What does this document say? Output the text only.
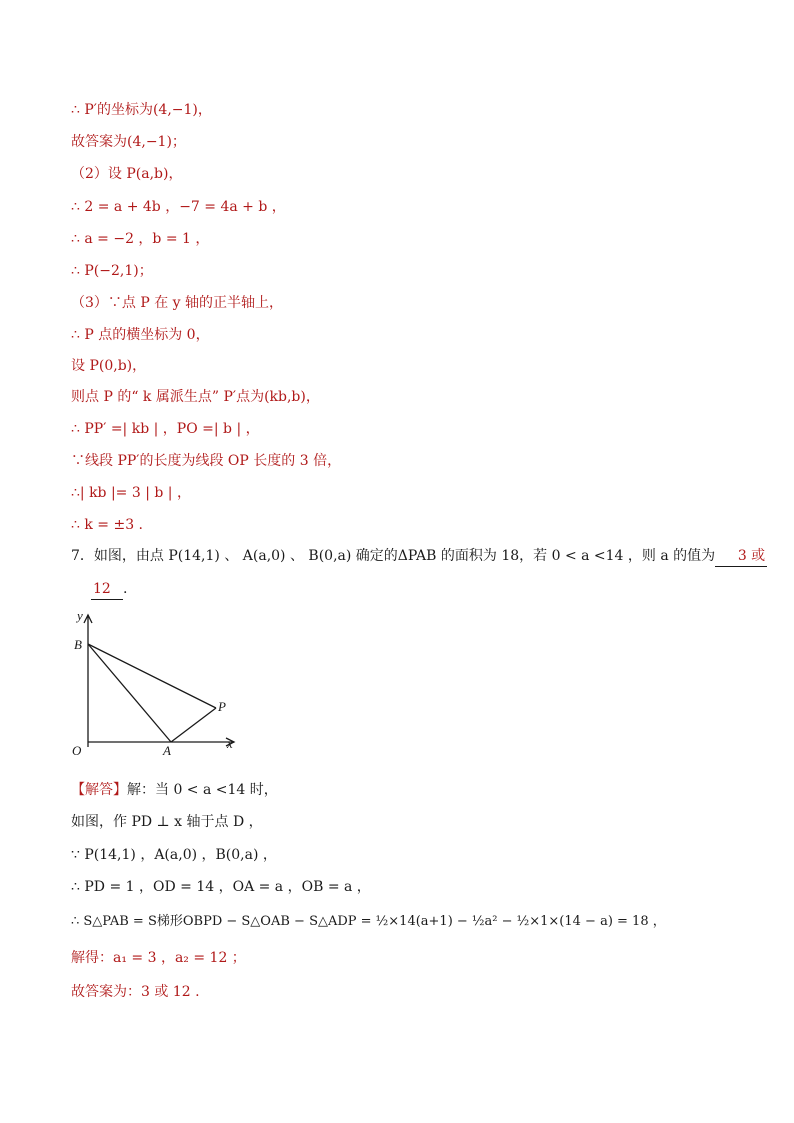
∴ P′的坐标为(4,−1)，
故答案为(4,−1)；
（2）设 P(a,b)，
∴ 2 = a + 4b ，−7 = 4a + b ，
∴ a = −2 ，b = 1 ，
∴ P(−2,1)；
（3）∵点 P 在 y 轴的正半轴上，
∴ P 点的横坐标为 0，
设 P(0,b)，
则点 P 的“ k 属派生点” P′点为(kb,b)，
∴ PP′ =| kb | ，PO =| b | ，
∵线段 PP′的长度为线段 OP 长度的 3 倍，
∴| kb |= 3 | b | ，
∴ k = ±3 .
7．如图，由点 P(14,1) 、 A(a,0) 、 B(0,a) 确定的ΔPAB 的面积为 18，若 0 < a <14 ，则 a 的值为 3 或
12 .
y
B
P
O	A	x
【解答】解：当 0 < a <14 时，
如图，作 PD ⊥ x 轴于点 D ，
∵ P(14,1) ，A(a,0) ，B(0,a) ，
∴ PD = 1 ，OD = 14 ，OA = a ，OB = a ，
∴ S△PAB = S梯形OBPD − S△OAB − S△ADP = ½×14(a+1) − ½a² − ½×1×(14 − a) = 18 ，
解得：a₁ = 3 ，a₂ = 12 ；
故答案为：3 或 12 .
